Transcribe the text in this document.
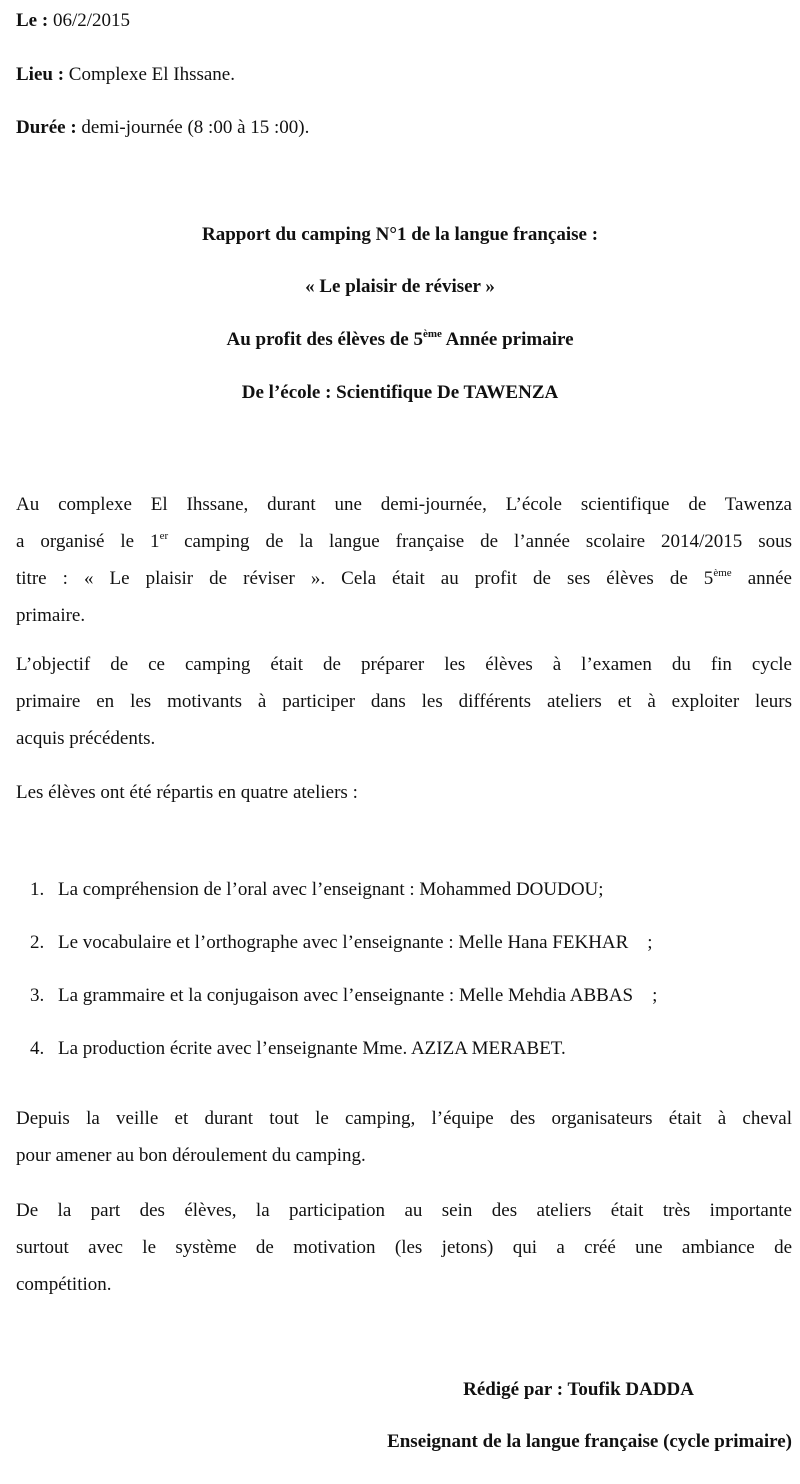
Le : 06/2/2015
Lieu : Complexe El Ihssane.
Durée : demi-journée (8 :00 à 15 :00).
Rapport du camping N°1 de la langue française :
« Le plaisir de réviser »
Au profit des élèves de 5ème Année primaire
De l’école : Scientifique De TAWENZA
Au complexe El Ihssane, durant une demi-journée, L’école scientifique de Tawenza
a organisé le 1er camping de la langue française de l’année scolaire 2014/2015 sous
titre : « Le plaisir de réviser ». Cela était au profit de ses élèves de 5ème année
primaire.
L’objectif de ce camping était de préparer les élèves à l’examen du fin cycle
primaire en les motivants à participer dans les différents ateliers et à exploiter leurs
acquis précédents.
Les élèves ont été répartis en quatre ateliers :
1. La compréhension de l’oral avec l’enseignant : Mohammed DOUDOU;
2. Le vocabulaire et l’orthographe avec l’enseignante : Melle Hana FEKHAR    ;
3. La grammaire et la conjugaison avec l’enseignante : Melle Mehdia ABBAS    ;
4. La production écrite avec l’enseignante Mme. AZIZA MERABET.
Depuis la veille et durant tout le camping, l’équipe des organisateurs était à cheval
pour amener au bon déroulement du camping.
De la part des élèves, la participation au sein des ateliers était très importante
surtout avec le système de motivation (les jetons) qui a créé une ambiance de
compétition.
Rédigé par : Toufik DADDA
Enseignant de la langue française (cycle primaire)
